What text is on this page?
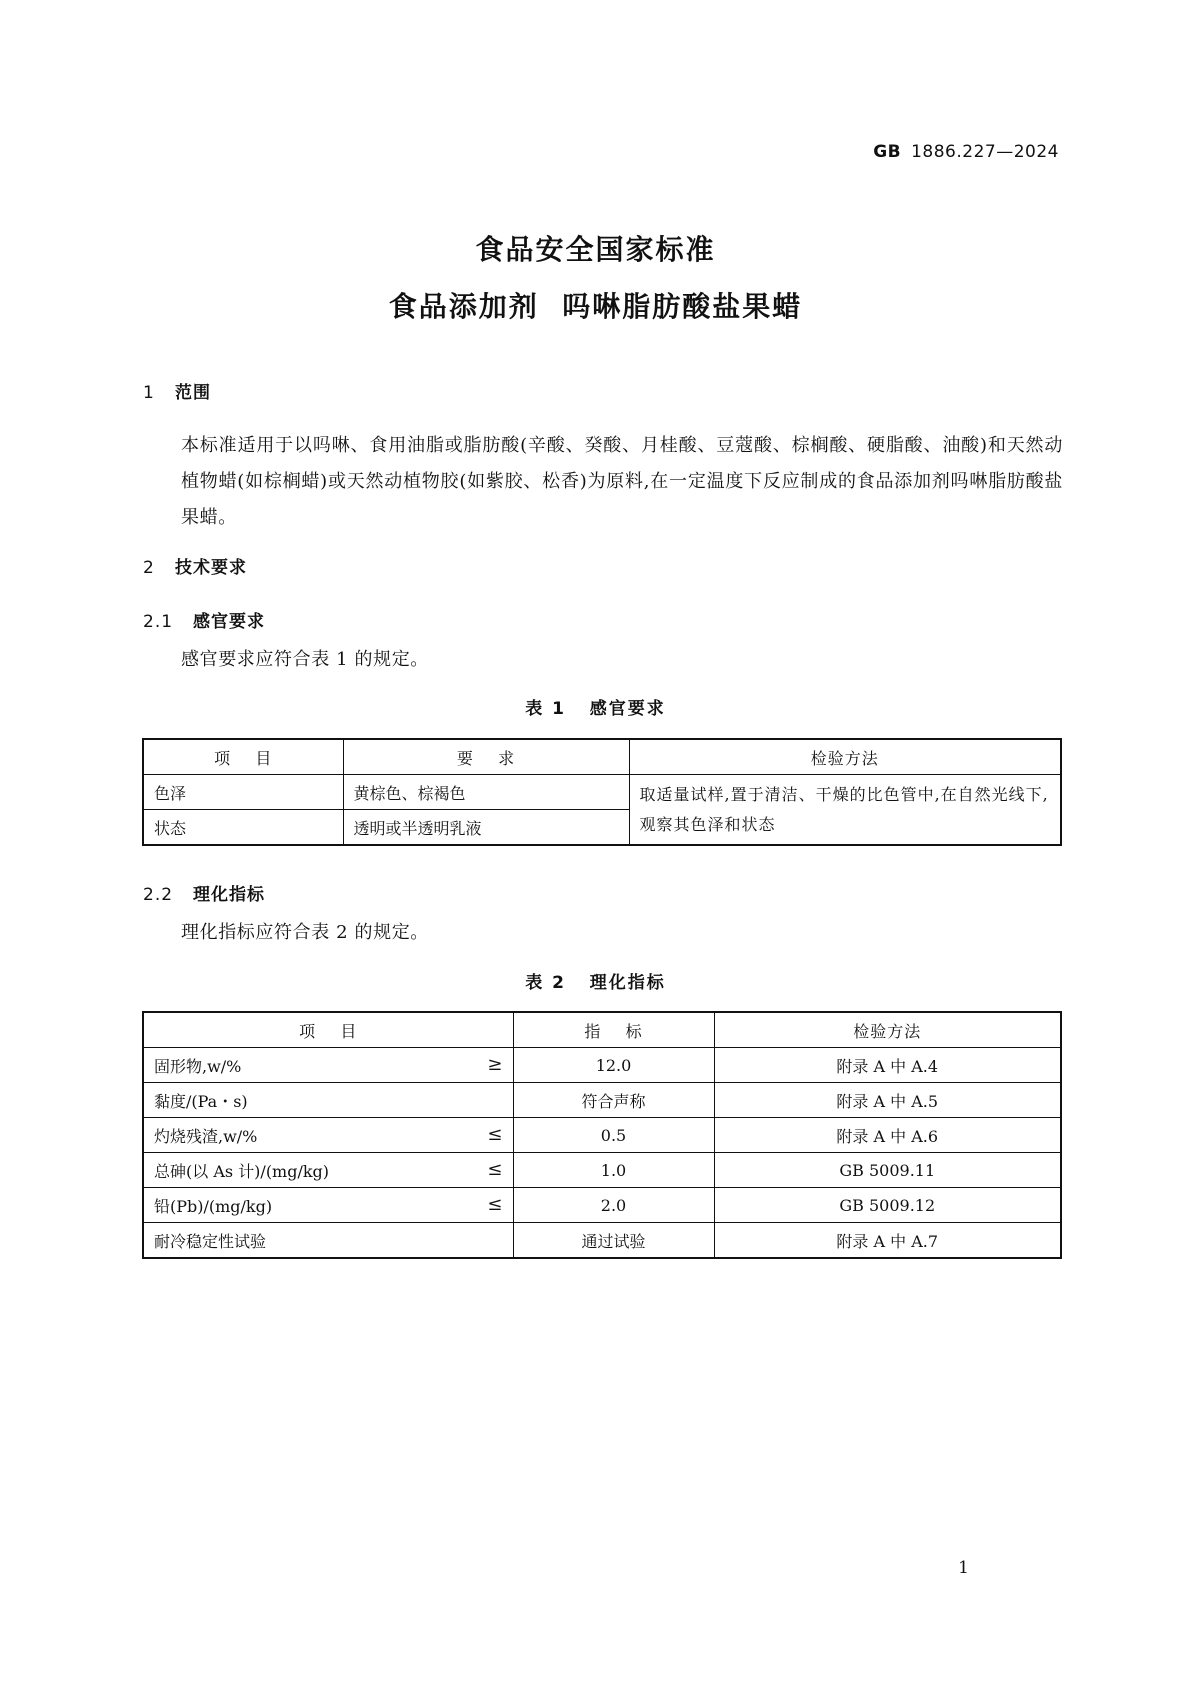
GB 1886.227—2024
食品安全国家标准
食品添加剂  吗啉脂肪酸盐果蜡
1 范围
本标准适用于以吗啉、食用油脂或脂肪酸(辛酸、癸酸、月桂酸、豆蔻酸、棕榈酸、硬脂酸、油酸)和天然动植物蜡(如棕榈蜡)或天然动植物胶(如紫胶、松香)为原料,在一定温度下反应制成的食品添加剂吗啉脂肪酸盐果蜡。
2 技术要求
2.1 感官要求
感官要求应符合表 1 的规定。
表 1   感官要求
项    目	要    求	检验方法
色泽	黄棕色、棕褐色	取适量试样,置于清洁、干燥的比色管中,在自然光线下,观察其色泽和状态
状态	透明或半透明乳液	
2.2 理化指标
理化指标应符合表 2 的规定。
表 2   理化指标
项    目	指    标	检验方法
固形物,w/% ≥	12.0	附录 A 中 A.4
黏度/(Pa・s)	符合声称	附录 A 中 A.5
灼烧残渣,w/% ≤	0.5	附录 A 中 A.6
总砷(以 As 计)/(mg/kg) ≤	1.0	GB 5009.11
铅(Pb)/(mg/kg) ≤	2.0	GB 5009.12
耐冷稳定性试验	通过试验	附录 A 中 A.7
1
